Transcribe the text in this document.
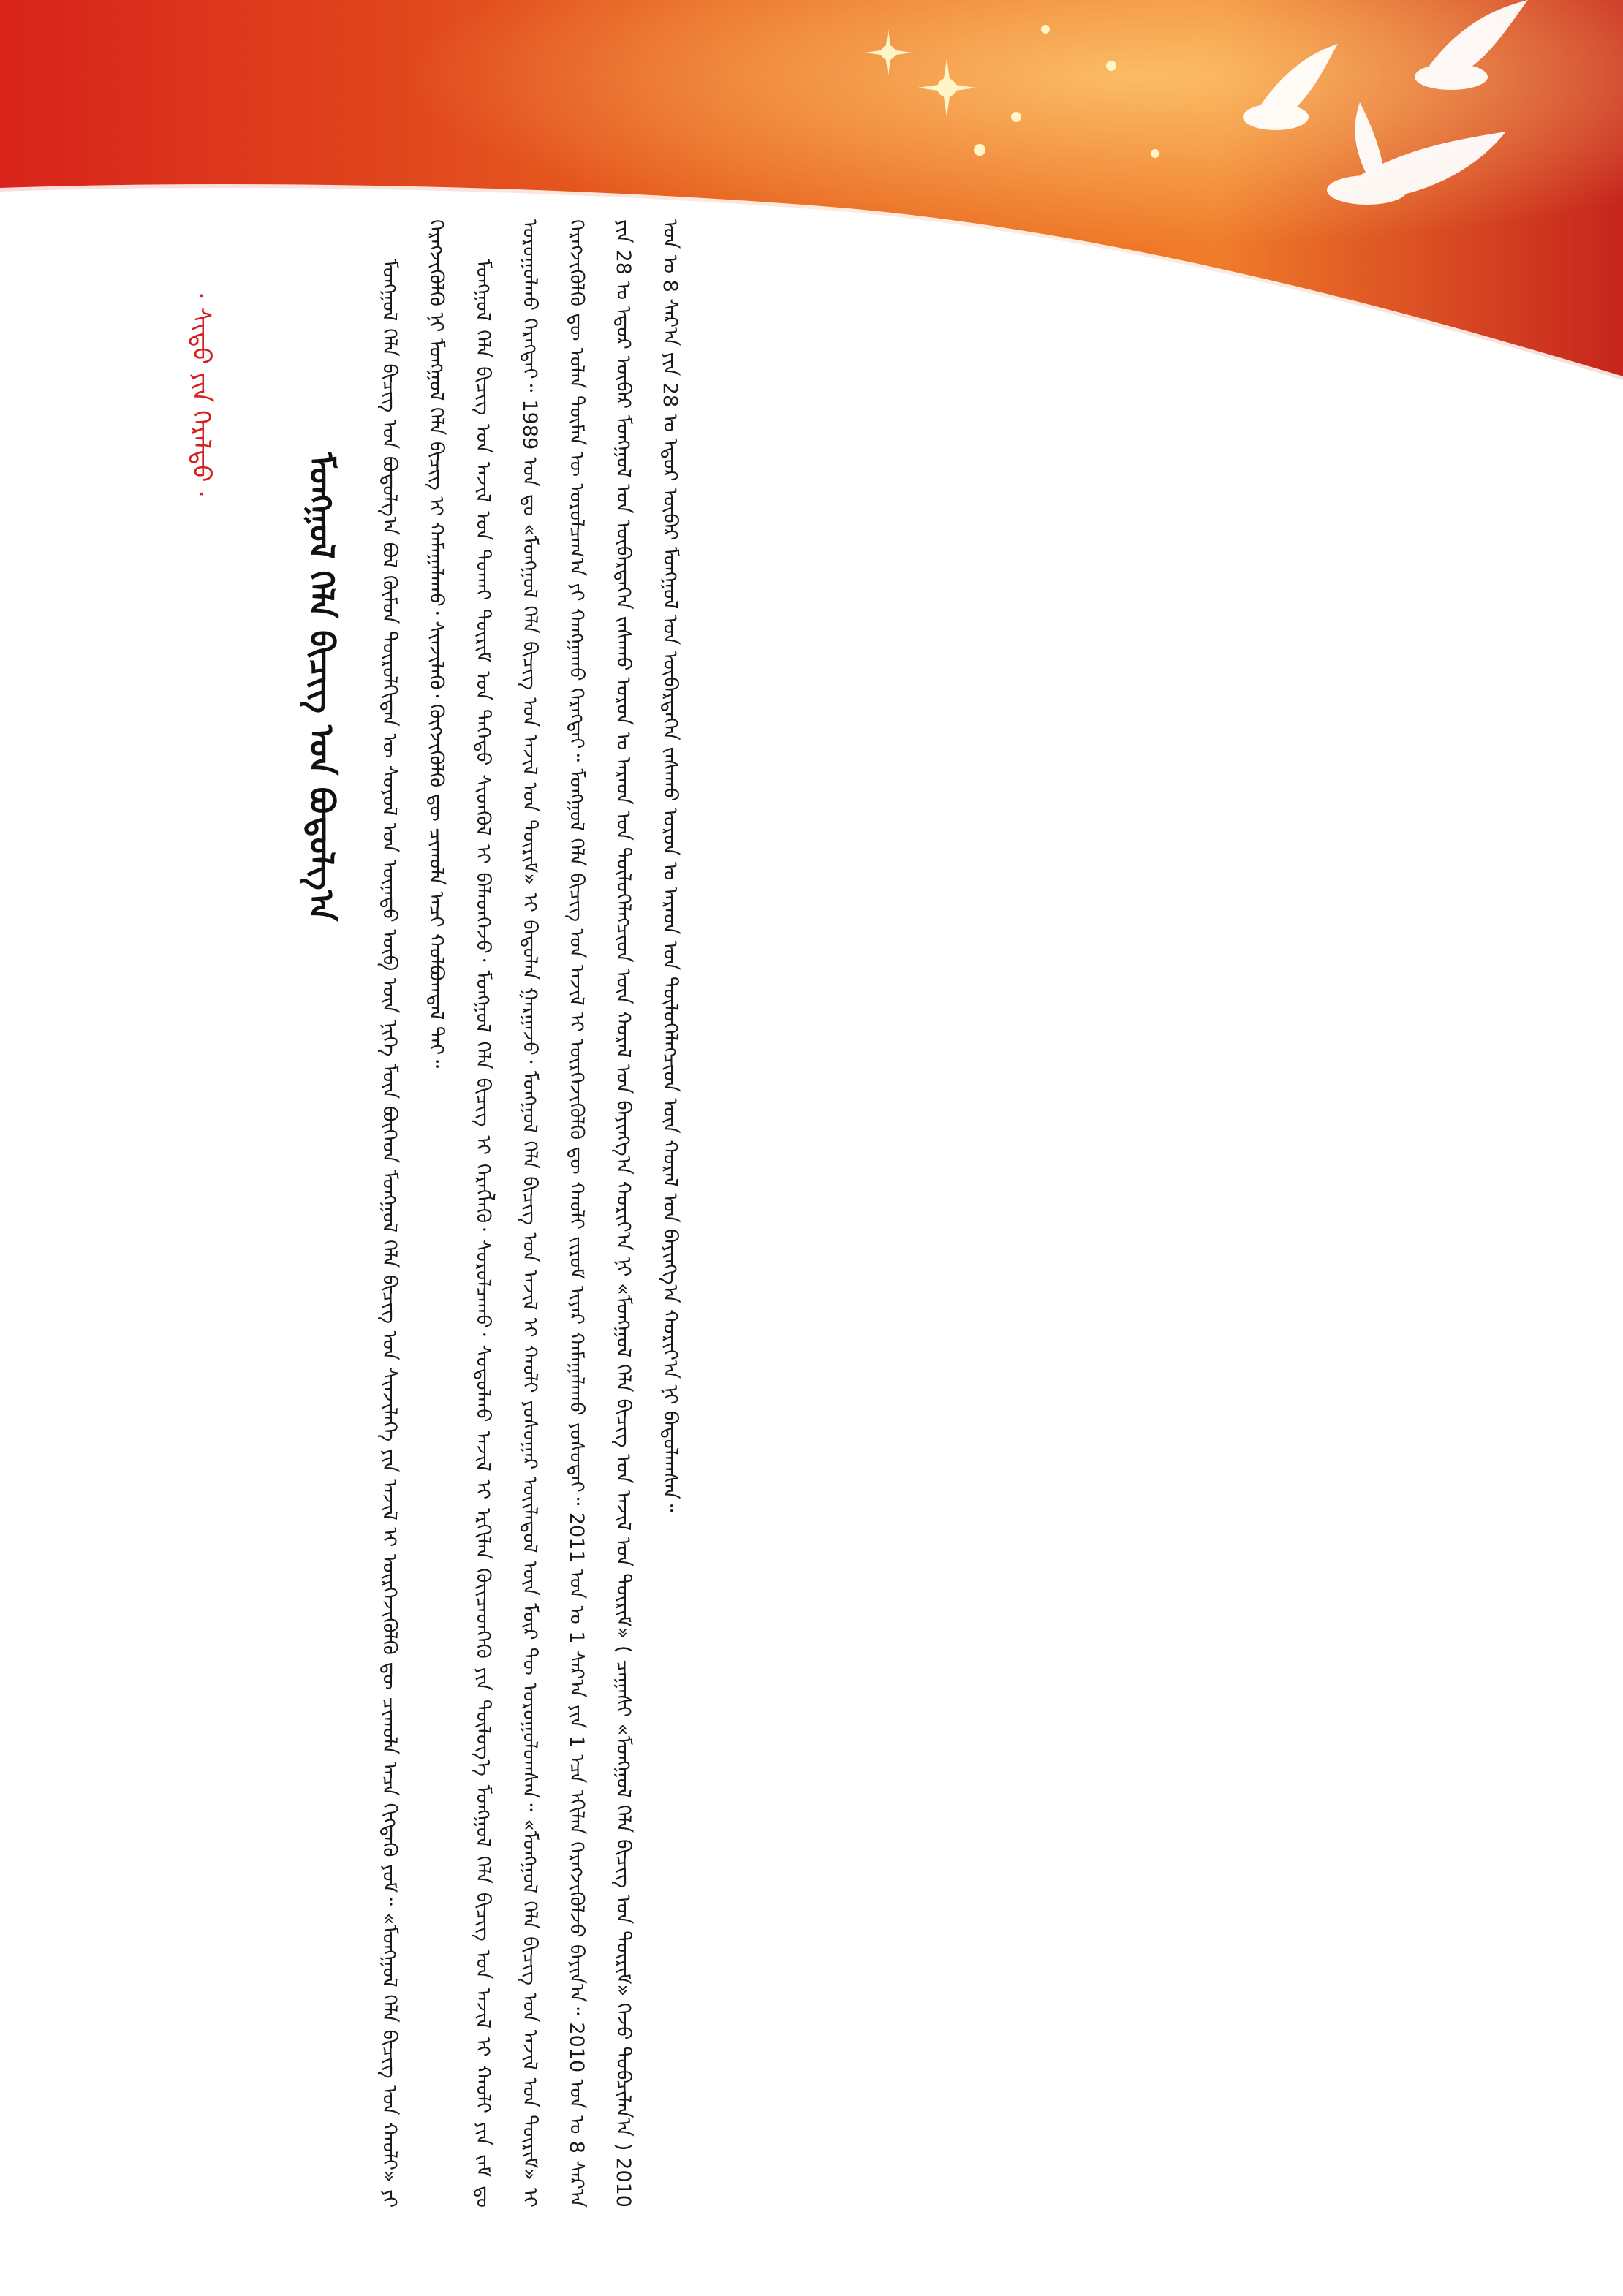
ᠮᠣᠩᠭᠣᠯ ᠬᠡᠯᠡ ᠪᠢᠴᠢᠭ ᠤᠨ ᠪᠣᠳᠤᠯᠭ᠎ᠠ ᠪᠣᠯ ᠬᠦᠮᠦᠨ ᠲᠥᠷᠦᠯᠬᠢᠲᠡᠨ ᠦ ᠰᠣᠶᠣᠯ ᠤᠨ ᠦᠨᠡᠲᠦ ᠥᠪ ᠦᠨ ᠨᠢᠭᠡ ᠮᠥᠨ ᠪᠥᠭᠡᠳ ᠮᠣᠩᠭᠣᠯ ᠬᠡᠯᠡ ᠪᠢᠴᠢᠭ ᠤᠨ ᠰᠢᠨᠵᠢᠯᠡᠭᠡ ᠶᠢᠨ ᠠᠵᠢᠯ ᠢ ᠥᠷᠭᠡᠵᠢᠭᠦᠯᠬᠦ ᠳᠦ ᠴᠢᠬᠤᠯᠠ ᠠᠴᠠ ᠬᠢᠭᠳᠡᠬᠦ ᠶᠤᠮ᠃ «ᠮᠣᠩᠭᠣᠯ ᠬᠡᠯᠡ ᠪᠢᠴᠢᠭ ᠤᠨ ᠬᠠᠤᠯᠢ» ᠶᠢ ᠬᠡᠷᠡᠭᠵᠢᠭᠦᠯᠬᠦ ᠨᠢ ᠮᠣᠩᠭᠣᠯ ᠬᠡᠯᠡ ᠪᠢᠴᠢᠭ ᠢ ᠬᠠᠮᠠᠭᠠᠯᠠᠬᠤ᠂ ᠰᠢᠨᠵᠢᠯᠡᠬᠦ᠂ ᠬᠥᠭᠵᠢᠭᠦᠯᠬᠦ ᠳᠦ ᠴᠢᠬᠤᠯᠠ ᠠᠴᠢ ᠬᠣᠯᠪᠣᠭᠳᠠᠯ ᠲᠠᠢ᠃	ᠮᠣᠩᠭᠣᠯ ᠬᠡᠯᠡ ᠪᠢᠴᠢᠭ ᠤᠨ ᠠᠵᠢᠯ ᠤᠨ ᠲᠤᠬᠠᠢ ᠳᠦᠷᠢᠮ ᠤᠨ ᠳᠡᠭᠡᠳᠦ ᠰᠢᠳᠬᠦᠯ ᠢ ᠪᠡᠯᠡᠳᠬᠡᠵᠦ᠂ ᠮᠣᠩᠭᠣᠯ ᠬᠡᠯᠡ ᠪᠢᠴᠢᠭ ᠢ ᠬᠡᠷᠡᠭᠯᠡᠬᠦ᠂ ᠰᠤᠷᠤᠯᠴᠠᠬᠤ᠂ ᠰᠤᠳᠤᠯᠬᠤ ᠠᠵᠢᠯ ᠢ ᠡᠷᠬᠢᠯᠡᠨ ᠭᠦᠢᠴᠡᠳᠬᠡᠬᠦ ᠶᠢᠨ ᠲᠥᠯᠥᠭ᠎ᠡ ᠮᠣᠩᠭᠣᠯ ᠬᠡᠯᠡ ᠪᠢᠴᠢᠭ ᠤᠨ ᠠᠵᠢᠯ ᠢ ᠬᠠᠤᠯᠢ ᠶᠢᠨ ᠵᠠᠮ ᠳᠤ ᠣᠷᠣᠭᠤᠯᠬᠤ ᠬᠡᠷᠡᠭᠲᠡᠢ᠃ 1989 ᠣᠨ ᠳᠤ «ᠮᠣᠩᠭᠣᠯ ᠬᠡᠯᠡ ᠪᠢᠴᠢᠭ ᠤᠨ ᠠᠵᠢᠯ ᠤᠨ ᠳᠦᠷᠢᠮ» ᠢ ᠪᠠᠲᠤᠯᠠᠨ ᠭᠠᠷᠭᠠᠵᠤ᠂ ᠮᠣᠩᠭᠣᠯ ᠬᠡᠯᠡ ᠪᠢᠴᠢᠭ ᠤᠨ ᠠᠵᠢᠯ ᠢ ᠬᠠᠤᠯᠢ ᠶᠣᠰᠣᠭᠠᠷ ᠦᠢᠯᠡᠳᠦᠯ ᠦᠨ ᠮᠥᠷ ᠲᠦ ᠣᠷᠣᠭᠤᠯᠤᠭᠰᠠᠨ᠃ «ᠮᠣᠩᠭᠣᠯ ᠬᠡᠯᠡ ᠪᠢᠴᠢᠭ ᠤᠨ ᠠᠵᠢᠯ ᠤᠨ ᠳᠦᠷᠢᠮ» ᠢ ᠬᠡᠷᠡᠭᠵᠢᠭᠦᠯᠬᠦ ᠳᠦ ᠣᠯᠠᠨ ᠲᠦᠮᠡᠨ ᠦ ᠣᠷᠣᠯᠴᠠᠭ᠎ᠠ ᠶᠢ ᠬᠠᠩᠭᠠᠬᠤ ᠬᠡᠷᠡᠭᠲᠡᠢ᠃ ᠮᠣᠩᠭᠣᠯ ᠬᠡᠯᠡ ᠪᠢᠴᠢᠭ ᠤᠨ ᠠᠵᠢᠯ ᠢ ᠥᠷᠭᠡᠵᠢᠭᠦᠯᠬᠦ ᠳᠦ ᠬᠠᠤᠯᠢ ᠵᠢᠷᠤᠮ ᠢᠶᠠᠷ ᠬᠠᠮᠠᠭᠠᠯᠠᠬᠤ ᠶᠣᠰᠣᠲᠠᠢ᠃ 2011 ᠣᠨ ᠤ 1 ᠰᠠᠷ᠎ᠠ ᠶᠢᠨ 1 ᠡᠴᠡ ᠡᠬᠢᠯᠡᠨ ᠬᠡᠷᠡᠭᠵᠢᠭᠦᠯᠵᠦ ᠪᠠᠶᠢᠨ᠎ᠠ᠃ 2010 ᠣᠨ ᠤ 8 ᠰᠠᠷ᠎ᠠ ᠶᠢᠨ 28 ᠤ ᠡᠳᠦᠷ ᠥᠪᠡᠷ ᠮᠣᠩᠭᠣᠯ ᠤᠨ ᠥᠪᠡᠷᠲᠡᠭᠡᠨ ᠵᠠᠰᠠᠬᠤ ᠣᠷᠣᠨ ᠤ ᠠᠷᠠᠳ ᠤᠨ ᠲᠥᠯᠥᠭᠡᠯᠡᠭᠴᠢᠳ ᠦᠨ ᠬᠤᠷᠠᠯ ᠤᠨ ᠪᠠᠶᠢᠩᠭ᠎ᠠ ᠬᠣᠷᠢᠶ᠎ᠠ ᠨᠢ «ᠮᠣᠩᠭᠣᠯ ᠬᠡᠯᠡ ᠪᠢᠴᠢᠭ ᠤᠨ ᠠᠵᠢᠯ ᠤᠨ ᠳᠦᠷᠢᠮ» ( ᠴᠠᠭᠠᠰᠢ «ᠮᠣᠩᠭᠣᠯ ᠬᠡᠯᠡ ᠪᠢᠴᠢᠭ ᠤᠨ ᠳᠦᠷᠢᠮ» ᠭᠡᠵᠦ ᠲᠣᠪᠴᠢᠯᠠᠨ᠎ᠠ ) 2010 ᠣᠨ ᠤ 8 ᠰᠠᠷ᠎ᠠ ᠶᠢᠨ 28 ᠤ ᠡᠳᠦᠷ ᠥᠪᠡᠷ ᠮᠣᠩᠭᠣᠯ ᠤᠨ ᠥᠪᠡᠷᠲᠡᠭᠡᠨ ᠵᠠᠰᠠᠬᠤ ᠣᠷᠣᠨ ᠤ ᠠᠷᠠᠳ ᠤᠨ ᠲᠥᠯᠥᠭᠡᠯᠡᠭᠴᠢᠳ ᠦᠨ ᠬᠤᠷᠠᠯ ᠤᠨ ᠪᠠᠶᠢᠩᠭ᠎ᠠ ᠬᠣᠷᠢᠶ᠎ᠠ ᠨᠢ ᠪᠠᠲᠤᠯᠠᠭᠰᠠᠨ᠃

ᠮᠣᠩᠭᠣᠯ ᠬᠡᠯᠡ ᠪᠢᠴᠢᠭ ᠤᠨ ᠪᠣᠳᠤᠯᠭ᠎ᠠ
· ᠰᠢᠳᠦ ᠶᠢᠨ ᠭᠡᠷᠡᠯᠲᠦ ·
